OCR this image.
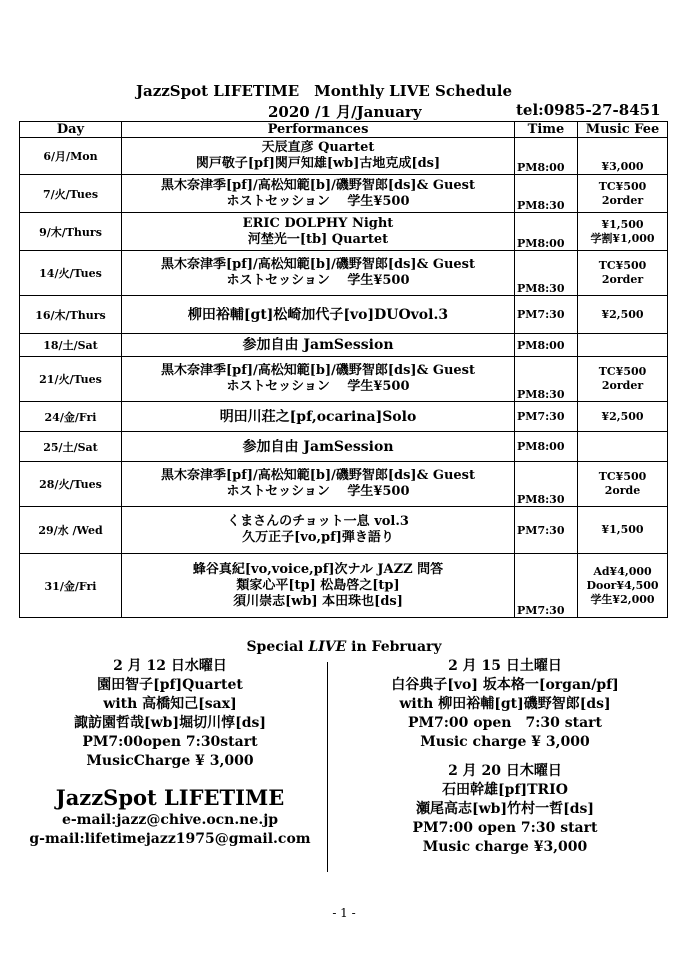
JazzSpot LIFETIME　Monthly LIVE Schedule
2020 /1 月/January	tel:0985-27-8451
Day	Performances	Time	Music Fee
6/月/Mon	天辰直彦 Quartet
関戸敬子[pf]関戸知雄[wb]古地克成[ds]	PM8:00	¥3,000

7/火/Tues	黒木奈津季[pf]/高松知範[b]/磯野智郎[ds]& Guest
ホストセッション　 学生¥500	PM8:30	TC¥500
2order

9/木/Thurs	ERIC DOLPHY Night
河埜光一[tb] Quartet	PM8:00	¥1,500
学割¥1,000

14/火/Tues	黒木奈津季[pf]/高松知範[b]/磯野智郎[ds]& Guest
ホストセッション　 学生¥500	PM8:30	TC¥500
2order

16/木/Thurs	柳田裕輔[gt]松崎加代子[vo]DUOvol.3	PM7:30	¥2,500

18/土/Sat	参加自由 JamSession	PM8:00	

21/火/Tues	黒木奈津季[pf]/高松知範[b]/磯野智郎[ds]& Guest
ホストセッション　 学生¥500	PM8:30	TC¥500
2order

24/金/Fri	明田川荘之[pf,ocarina]Solo	PM7:30	¥2,500

25/土/Sat	参加自由 JamSession	PM8:00	

28/火/Tues	黒木奈津季[pf]/高松知範[b]/磯野智郎[ds]& Guest
ホストセッション　 学生¥500	PM8:30	TC¥500
2orde

29/水 /Wed	くまさんのチョット一息 vol.3
久万正子[vo,pf]弾き語り	PM7:30	¥1,500

31/金/Fri	蜂谷真紀[vo,voice,pf]次ナル JAZZ 問答
類家心平[tp] 松島啓之[tp]
須川崇志[wb] 本田珠也[ds]	PM7:30	Ad¥4,000
Door¥4,500
学生¥2,000
Special LIVE in February
2 月 12 日水曜日
園田智子[pf]Quartet
with 高橋知己[sax]
諏訪園哲哉[wb]堀切川惇[ds]
PM7:00open 7:30start
MusicCharge ¥ 3,000
JazzSpot LIFETIME
e-mail:jazz@chive.ocn.ne.jp
g-mail:lifetimejazz1975@gmail.com
2 月 15 日土曜日
白谷典子[vo] 坂本格一[organ/pf]
with 柳田裕輔[gt]磯野智郎[ds]
PM7:00 open　7:30 start
Music charge ¥ 3,000
2 月 20 日木曜日
石田幹雄[pf]TRIO
瀬尾高志[wb]竹村一哲[ds]
PM7:00 open 7:30 start
Music charge ¥3,000
- 1 -
